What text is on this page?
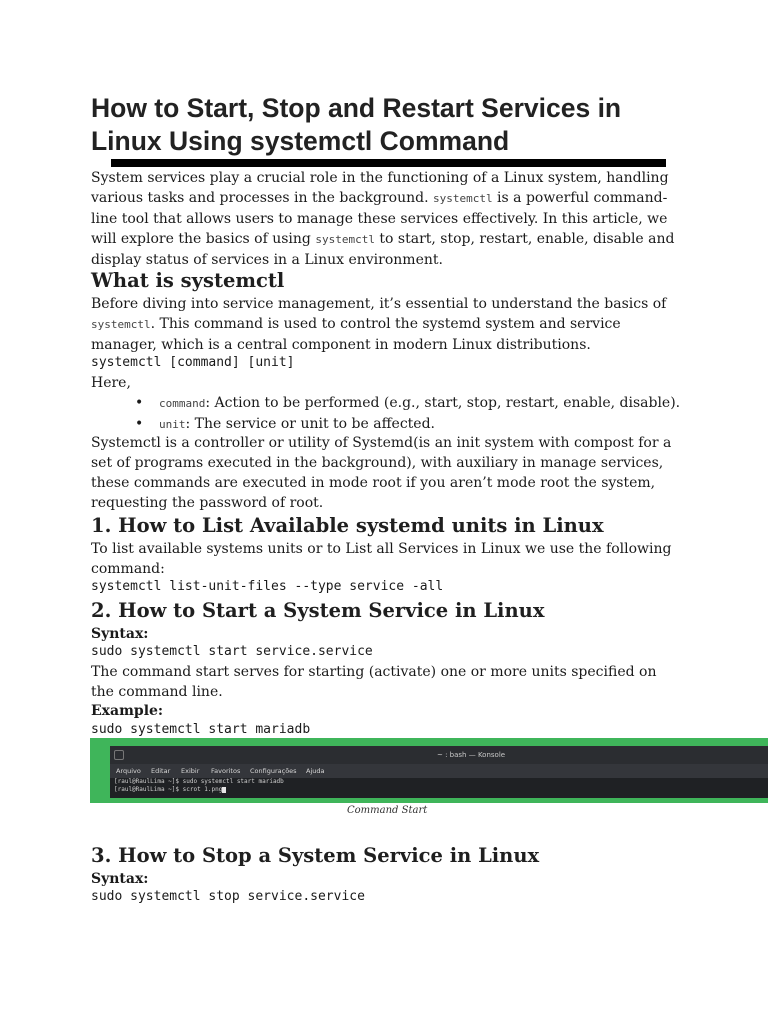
How to Start, Stop and Restart Services in Linux Using systemctl Command

System services play a crucial role in the functioning of a Linux system, handling various tasks and processes in the background. systemctl is a powerful command-line tool that allows users to manage these services effectively. In this article, we will explore the basics of using systemctl to start, stop, restart, enable, disable and display status of services in a Linux environment.

What is systemctl

Before diving into service management, it’s essential to understand the basics of systemctl. This command is used to control the systemd system and service manager, which is a central component in modern Linux distributions.

systemctl [command] [unit]

Here,

• command: Action to be performed (e.g., start, stop, restart, enable, disable).
• unit: The service or unit to be affected.

Systemctl is a controller or utility of Systemd(is an init system with compost for a set of programs executed in the background), with auxiliary in manage services, these commands are executed in mode root if you aren’t mode root the system, requesting the password of root.

1. How to List Available systemd units in Linux

To list available systems units or to List all Services in Linux we use the following command:

systemctl list-unit-files --type service -all
2. How to Start a System Service in Linux
Syntax:
sudo systemctl start service.service

The command start serves for starting (activate) one or more units specified on the command line.

Example:
sudo systemctl start mariadb
~ : bash — Konsole
Arquivo Editar Exibir Favoritos Configurações Ajuda
[raul@RaulLima ~]$ sudo systemctl start mariadb
[raul@RaulLima ~]$ scrot 1.png
Command Start
3. How to Stop a System Service in Linux
Syntax:
sudo systemctl stop service.service
